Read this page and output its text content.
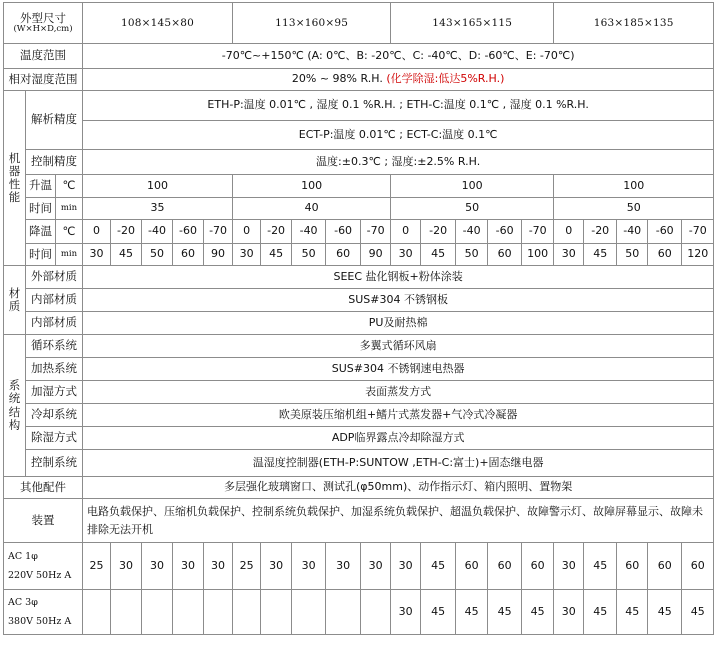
外型尺寸
(W×H×D,cm)			108×145×80					113×160×95					143×165×115					163×185×135				
温度范围			-70℃~+150℃ (A: 0℃、B: -20℃、C: -40℃、D: -60℃、E: -70℃)																			
相对湿度范围			20% ~ 98% R.H. (化学除湿:低达5%R.H.)																			
机器性能	解析精度		ETH-P:温度 0.01℃ , 湿度 0.1 %R.H. ; ETH-C:温度 0.1℃ , 湿度 0.1 %R.H.																			
			ECT-P:温度 0.01℃ ; ECT-C:温度 0.1℃																			
	控制精度		温度:±0.3℃ ; 湿度:±2.5% R.H.																			
	升温	℃	100					100					100					100				
	时间	min	35					40					50					50				
	降温	℃	0	-20	-40	-60	-70	0	-20	-40	-60	-70	0	-20	-40	-60	-70	0	-20	-40	-60	-70
	时间	min	30	45	50	60	90	30	45	50	60	90	30	45	50	60	100	30	45	50	60	120

材质	外部材质		SEEC 盐化钢板+粉体涂装																			
	内部材质		SUS#304 不锈钢板																			
	内部材质		PU及耐热棉																			
系统结构	循环系统		多翼式循环风扇																			
	加热系统		SUS#304 不锈钢速电热器																			
	加湿方式		表面蒸发方式																			
	冷却系统		欧美原装压缩机组+鳍片式蒸发器+气冷式冷凝器																			
	除湿方式		ADP临界露点冷却除湿方式																			
	控制系统		温湿度控制器(ETH-P:SUNTOW ,ETH-C:富士)+固态继电器																			
其他配件			多层强化玻璃窗口、测试孔(φ50mm)、动作指示灯、箱内照明、置物架																			
装置			电路负载保护、压缩机负载保护、控制系统负载保护、加湿系统负载保护、超温负载保护、故障警示灯、故障屏幕显示、故障未排除无法开机																			

AC 1φ
220V 50Hz A			25	30	30	30	30	25	30	30	30	30	30	45	60	60	60	30	45	60	60	60

AC 3φ
380V 50Hz A													30	45	45	45	45	30	45	45	45	45
